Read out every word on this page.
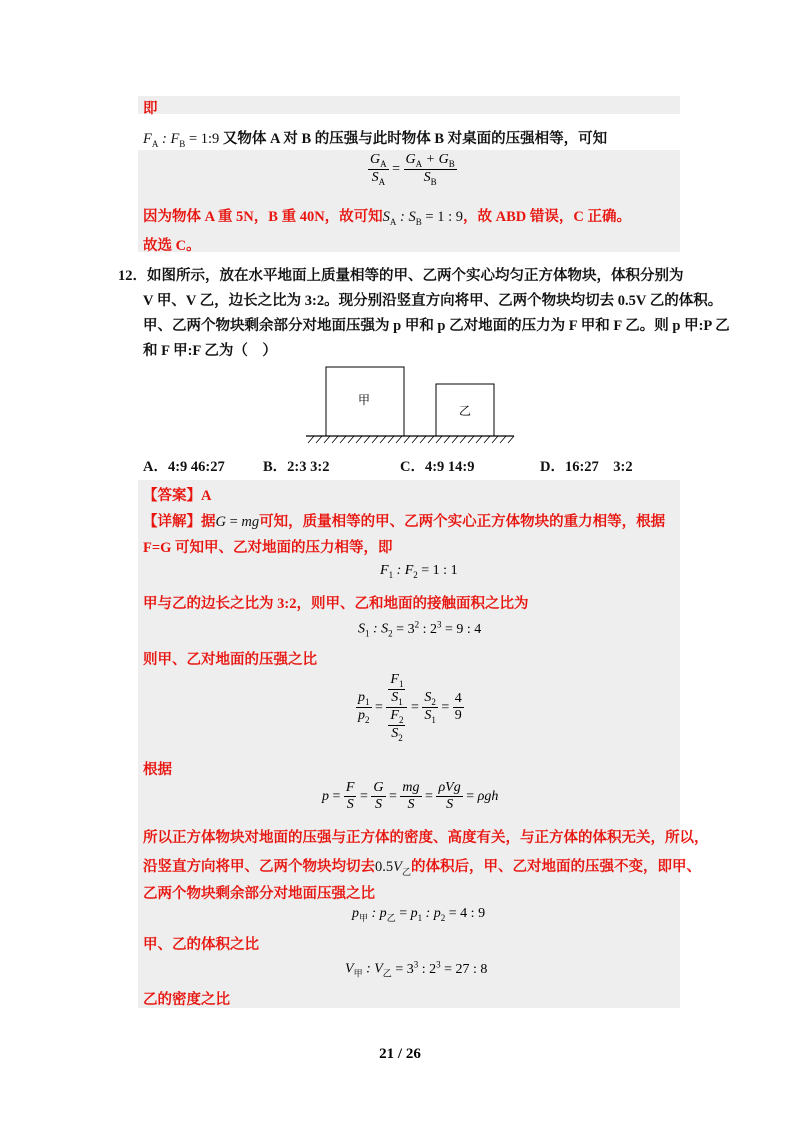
即
$F_A$ : $F_B$ = 1:9 又物体 A 对 B 的压强与此时物体 B 对桌面的压强相等，可知
$\frac{G_A}{S_A} = \frac{G_A + G_B}{S_B}$
因为物体 A 重 5N，B 重 40N，故可知$S_A$ : $S_B = 1$ : 9，故 ABD 错误，C 正确。
故选 C。
12．如图所示，放在水平地面上质量相等的甲、乙两个实心均匀正方体物块，体积分别为
V 甲、V 乙，边长之比为 3:2。现分别沿竖直方向将甲、乙两个物块均切去 0.5V 乙的体积。
甲、乙两个物块剩余部分对地面压强为 p 甲和 p 乙对地面的压力为 F 甲和 F 乙。则 p 甲:P 乙
和 F 甲:F 乙为（　）
甲
乙
A．4:9 46:27	B．2:3 3:2	C．4:9 14:9	D．16:27　3:2
【答案】A
【详解】据G = mg可知，质量相等的甲、乙两个实心正方体物块的重力相等，根据
F=G 可知甲、乙对地面的压力相等，即
$F_1$ : $F_2 = 1$ : 1
甲与乙的边长之比为 3:2，则甲、乙和地面的接触面积之比为
$S_1$ : $S_2 = 3^2$ : $2^3 = 9$ : 4
则甲、乙对地面的压强之比
$\frac{p_1}{p_2} = \frac{\frac{F_1}{S_1}}{\frac{F_2}{S_2}} = \frac{S_2}{S_1} = \frac{4}{9}$
根据
$p = \frac{F}{S} = \frac{G}{S} = \frac{mg}{S} = \frac{\text{ρVg}}{S} = \rho gh$
所以正方体物块对地面的压强与正方体的密度、高度有关，与正方体的体积无关，所以，
沿竖直方向将甲、乙两个物块均切去$0.5V_乙$的体积后，甲、乙对地面的压强不变，即甲、
乙两个物块剩余部分对地面压强之比
$p_甲$ : $p_乙 = p_1$ : $p_2 = 4$ : 9
甲、乙的体积之比
$V_甲$ : $V_乙 = 3^3$ : $2^3 = 27$ : 8
乙的密度之比
21 / 26
